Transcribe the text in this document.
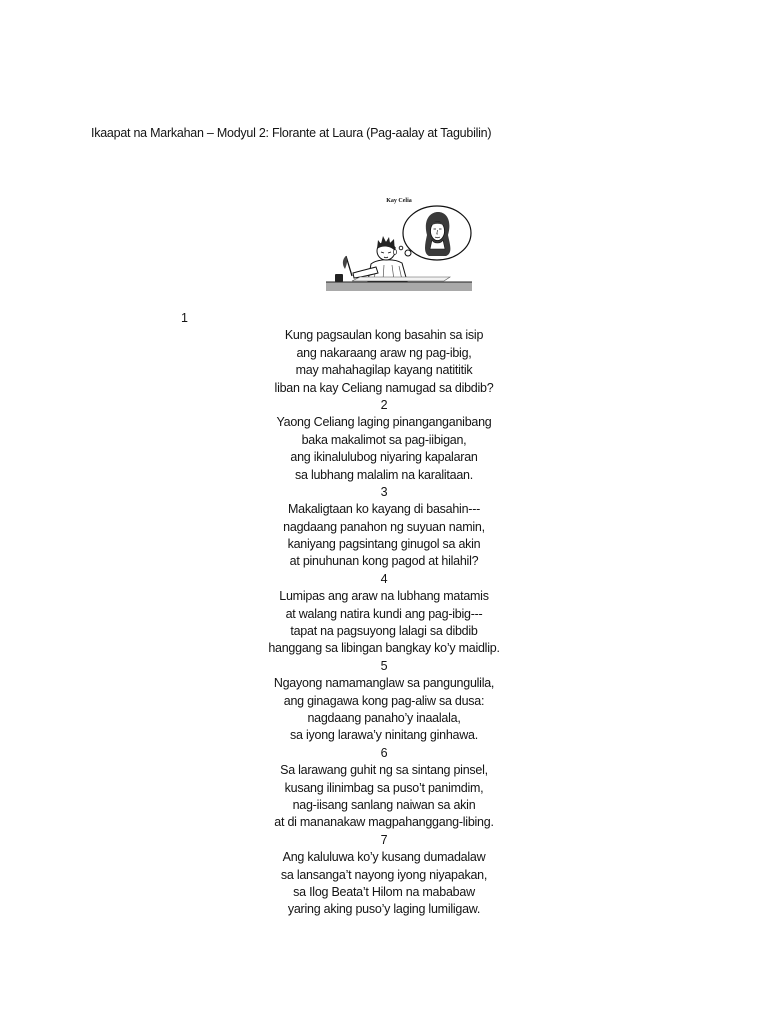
Ikaapat na Markahan – Modyul 2: Florante at Laura (Pag-aalay at Tagubilin)
Kay Celia
1
Kung pagsaulan kong basahin sa isip
ang nakaraang araw ng pag-ibig,
may mahahagilap kayang natititik
liban na kay Celiang namugad sa dibdib?
2
Yaong Celiang laging pinanganganibang
baka makalimot sa pag-iibigan,
ang ikinalulubog niyaring kapalaran
sa lubhang malalim na karalitaan.
3
Makaligtaan ko kayang di basahin---
nagdaang panahon ng suyuan namin,
kaniyang pagsintang ginugol sa akin
at pinuhunan kong pagod at hilahil?
4
Lumipas ang araw na lubhang matamis
at walang natira kundi ang pag-ibig---
tapat na pagsuyong lalagi sa dibdib
hanggang sa libingan bangkay ko’y maidlip.
5
Ngayong namamanglaw sa pangungulila,
ang ginagawa kong pag-aliw sa dusa:
nagdaang panaho’y inaalala,
sa iyong larawa’y ninitang ginhawa.
6
Sa larawang guhit ng sa sintang pinsel,
kusang ilinimbag sa puso’t panimdim,
nag-iisang sanlang naiwan sa akin
at di mananakaw magpahanggang-libing.
7
Ang kaluluwa ko’y kusang dumadalaw
sa lansanga’t nayong iyong niyapakan,
sa Ilog Beata’t Hilom na mababaw
yaring aking puso’y laging lumiligaw.
